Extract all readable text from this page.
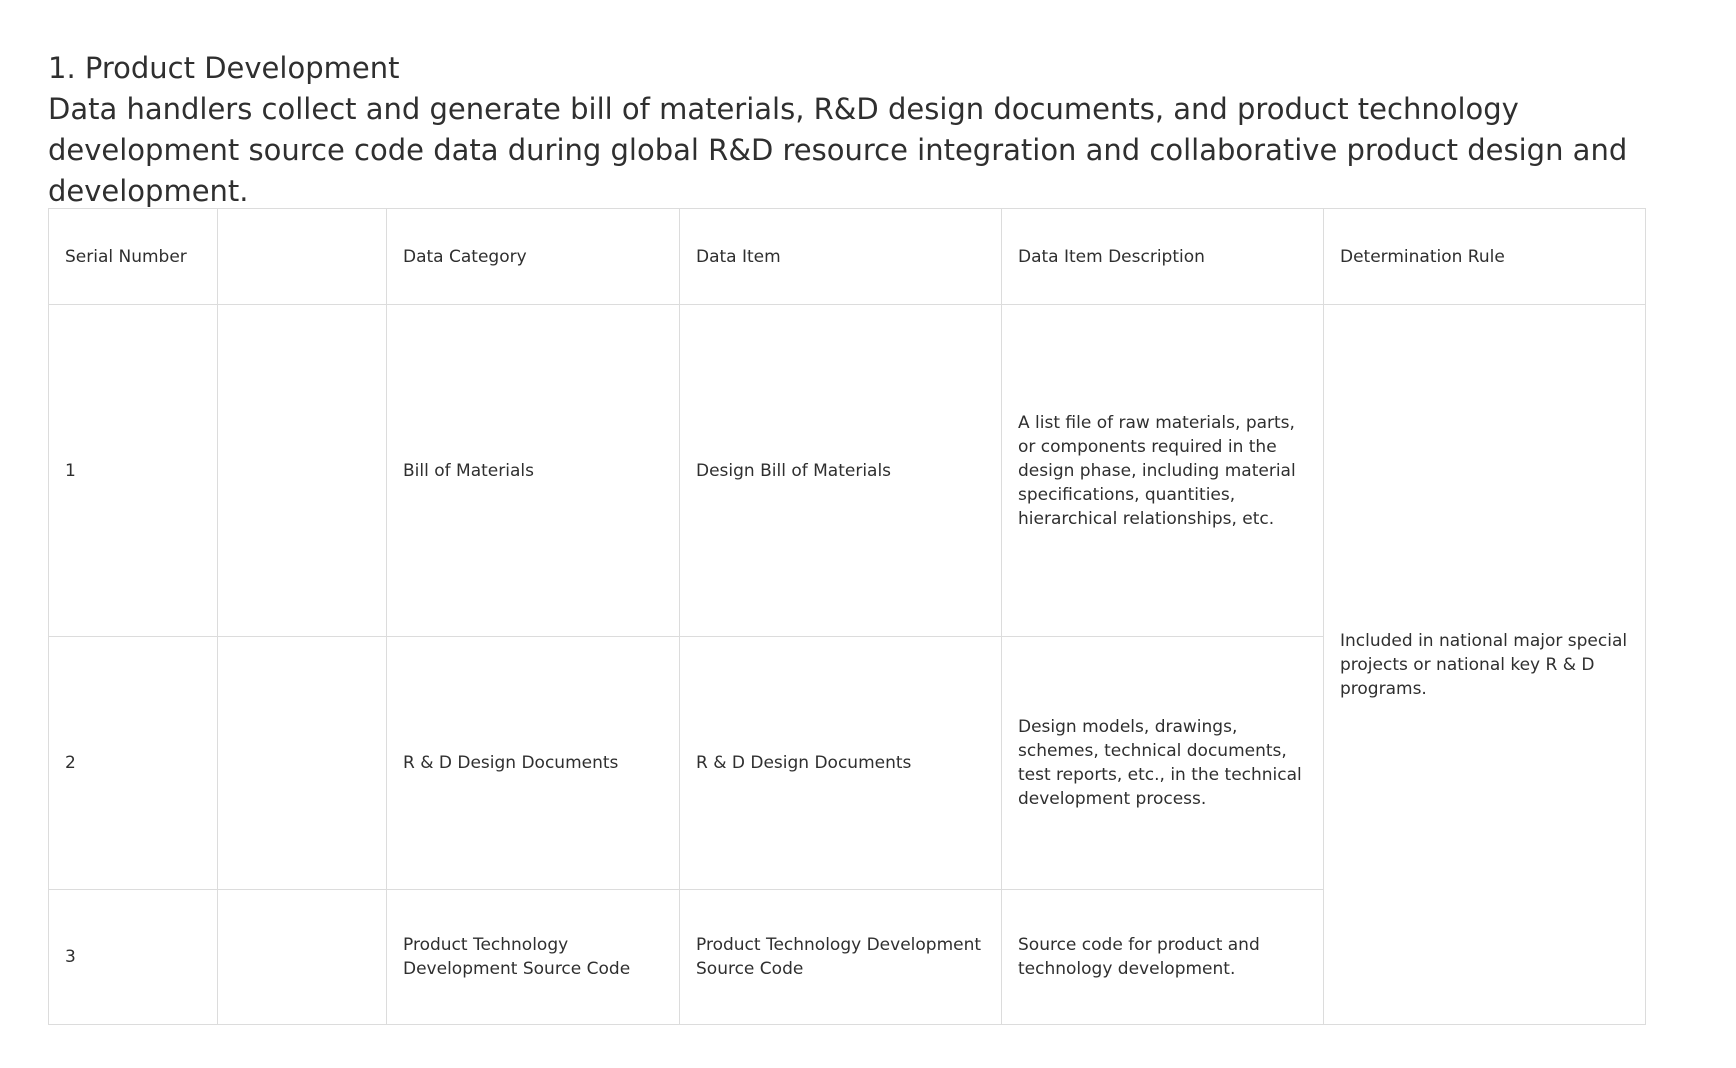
1. Product Development
Data handlers collect and generate bill of materials, R&D design documents, and product technology development source code data during global R&D resource integration and collaborative product design and development.
Serial Number		Data Category	Data Item	Data Item Description	Determination Rule
1		Bill of Materials	Design Bill of Materials	A list file of raw materials, parts, or components required in the design phase, including material specifications, quantities, hierarchical relationships, etc.	Included in national major special projects or national key R & D programs.
2		R & D Design Documents	R & D Design Documents	Design models, drawings, schemes, technical documents, test reports, etc., in the technical development process.	
3		Product Technology Development Source Code	Product Technology Development Source Code	Source code for product and technology development.	
